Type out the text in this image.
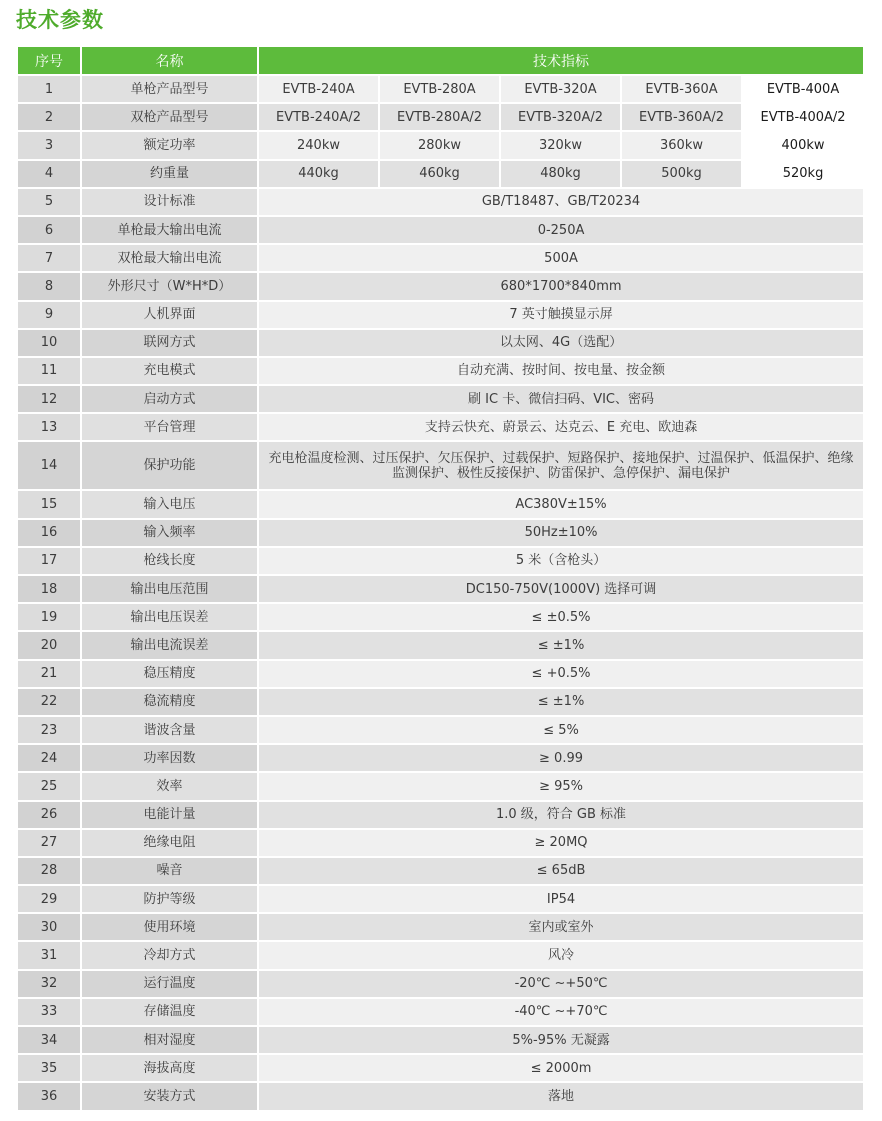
技术参数
序号	名称	技术指标				
1	单枪产品型号	EVTB-240A	EVTB-280A	EVTB-320A	EVTB-360A	EVTB-400A
2	双枪产品型号	EVTB-240A/2	EVTB-280A/2	EVTB-320A/2	EVTB-360A/2	EVTB-400A/2
3	额定功率	240kw	280kw	320kw	360kw	400kw
4	约重量	440kg	460kg	480kg	500kg	520kg
5	设计标准	GB/T18487、GB/T20234				
6	单枪最大输出电流	0-250A				
7	双枪最大输出电流	500A				
8	外形尺寸（W*H*D）	680*1700*840mm				
9	人机界面	7 英寸触摸显示屏				
10	联网方式	以太网、4G（选配）				
11	充电模式	自动充满、按时间、按电量、按金额				
12	启动方式	刷 IC 卡、微信扫码、VIC、密码				
13	平台管理	支持云快充、蔚景云、达克云、E 充电、欧迪森				
14	保护功能	充电枪温度检测、过压保护、欠压保护、过载保护、短路保护、接地保护、过温保护、低温保护、绝缘监测保护、极性反接保护、防雷保护、急停保护、漏电保护				
15	输入电压	AC380V±15%				
16	输入频率	50Hz±10%				
17	枪线长度	5 米（含枪头）				
18	输出电压范围	DC150-750V(1000V) 选择可调				
19	输出电压误差	≤ ±0.5%				
20	输出电流误差	≤ ±1%				
21	稳压精度	≤ +0.5%				
22	稳流精度	≤ ±1%				
23	谐波含量	≤ 5%				
24	功率因数	≥ 0.99				
25	效率	≥ 95%				
26	电能计量	1.0 级，符合 GB 标准				
27	绝缘电阻	≥ 20MQ				
28	噪音	≤ 65dB				
29	防护等级	IP54				
30	使用环境	室内或室外				
31	冷却方式	风冷				
32	运行温度	-20℃ ~+50℃				
33	存储温度	-40℃ ~+70℃				
34	相对湿度	5%-95% 无凝露				
35	海拔高度	≤ 2000m				
36	安装方式	落地				
